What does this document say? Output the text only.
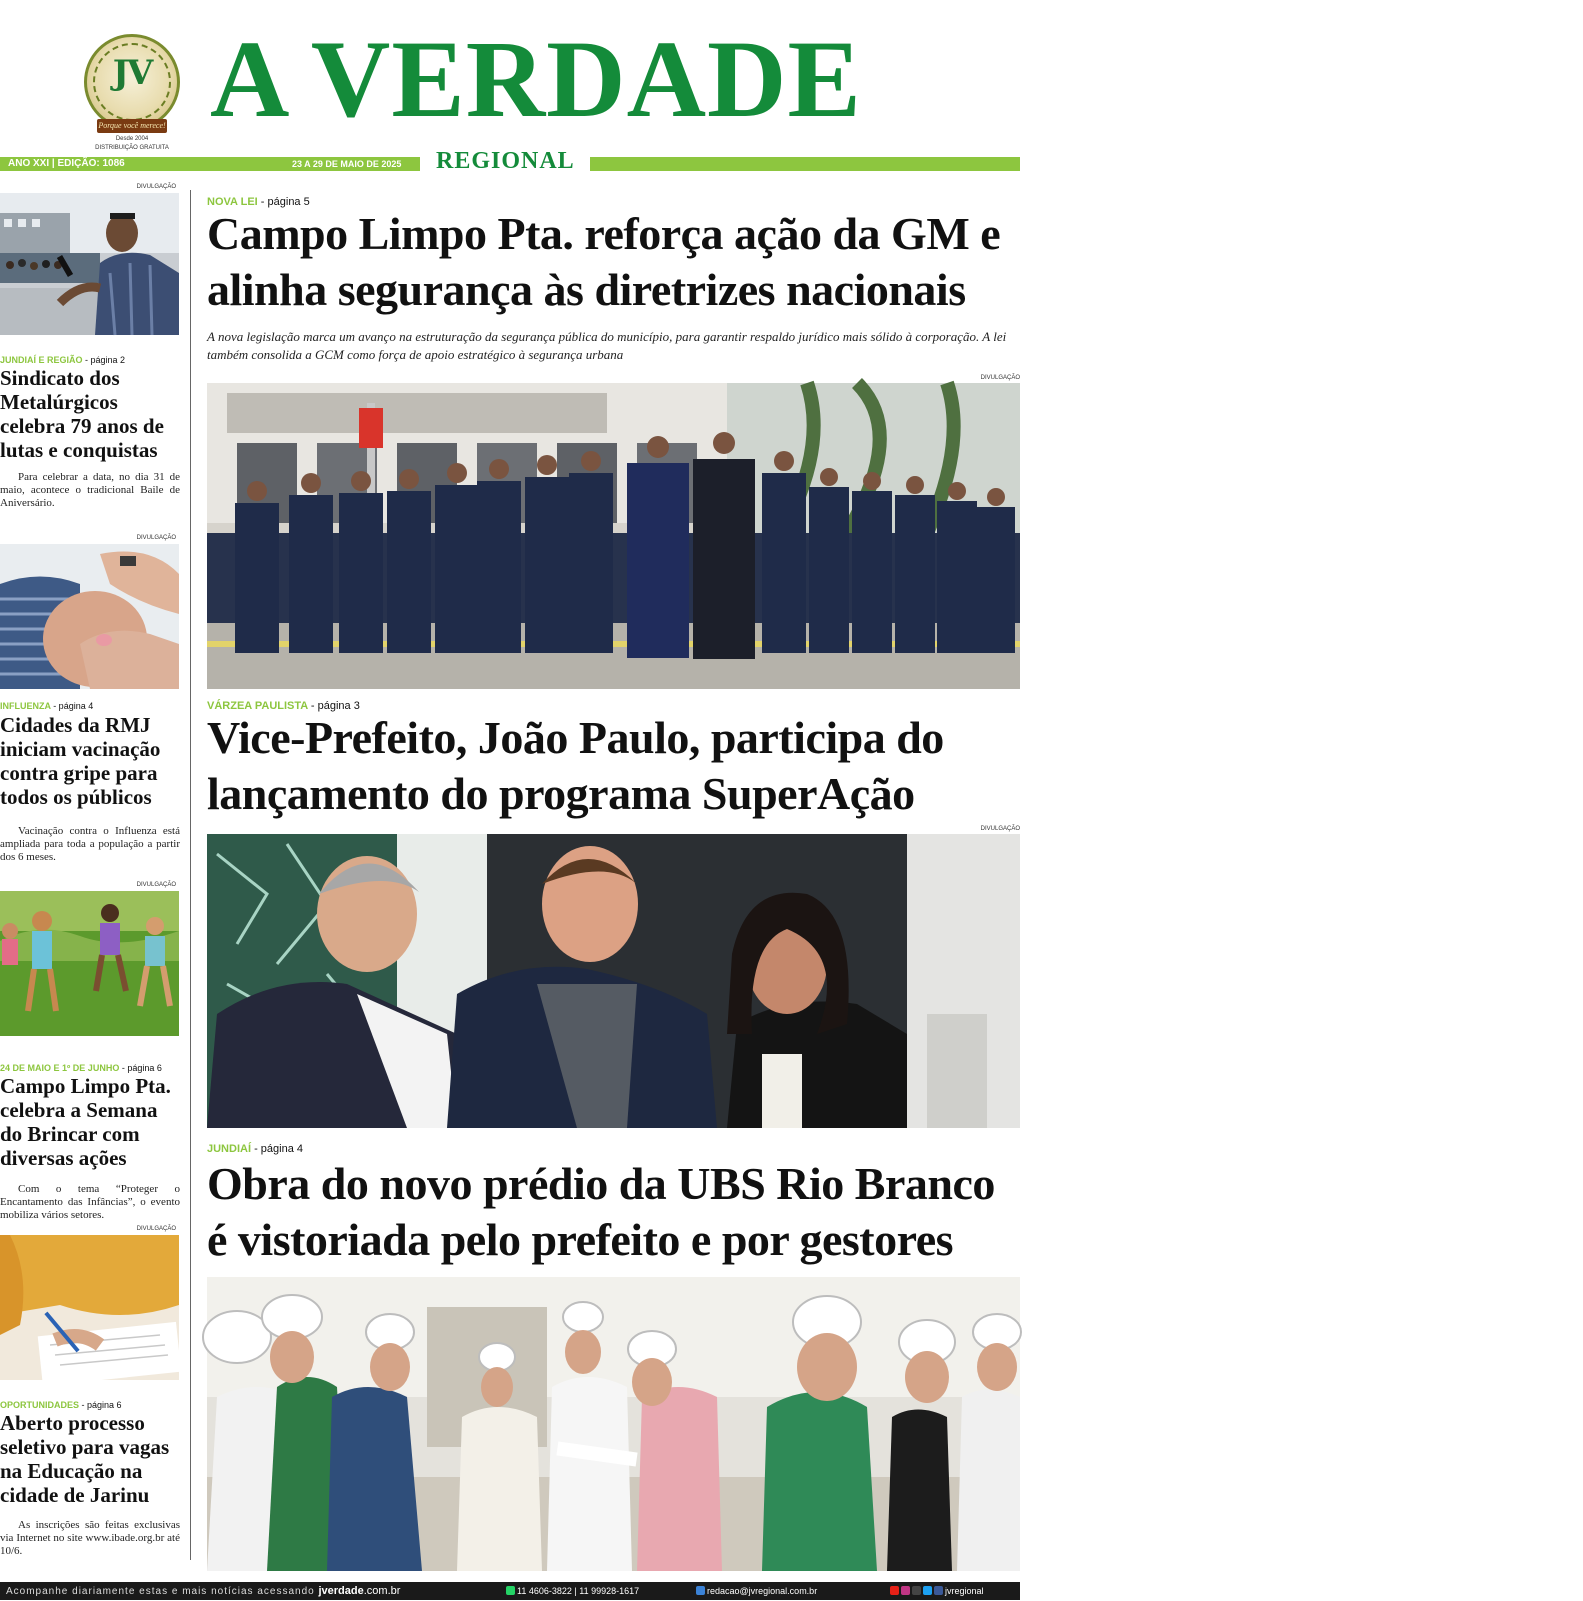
JV
Porque você merece!
Desde 2004
DISTRIBUIÇÃO GRATUITA
A VERDADE
ANO XXI | EDIÇÃO: 1086	23 A 29 DE MAIO DE 2025	CABREÚVA | CAMPO LIMPO PAULISTA | ITUPEVA | JARINU | JUNDIAÍ | LOUVEIRA | VÁRZEA PAULISTA
REGIONAL
DIVULGAÇÃO
JUNDIAÍ E REGIÃO - página 2
Sindicato dos Metalúrgicos celebra 79 anos de lutas e conquistas

Para celebrar a data, no dia 31 de maio, acontece o tradicional Baile de Aniversário.

DIVULGAÇÃO
INFLUENZA - página 4
Cidades da RMJ iniciam vacinação contra gripe para todos os públicos

Vacinação contra o Influenza está ampliada para toda a população a partir dos 6 meses.

DIVULGAÇÃO
24 DE MAIO E 1º DE JUNHO - página 6
Campo Limpo Pta. celebra a Semana do Brincar com diversas ações

Com o tema “Proteger o Encantamento das Infâncias”, o evento mobiliza vários setores.

DIVULGAÇÃO
OPORTUNIDADES - página 6
Aberto processo seletivo para vagas na Educação na cidade de Jarinu

As inscrições são feitas exclusivas via Internet no site www.ibade.org.br até 10/6.

NOVA LEI - página 5
Campo Limpo Pta. reforça ação da GM e alinha segurança às diretrizes nacionais

A nova legislação marca um avanço na estruturação da segurança pública do município, para garantir respaldo jurídico mais sólido à corporação. A lei também consolida a GCM como força de apoio estratégico à segurança urbana

DIVULGAÇÃO
VÁRZEA PAULISTA - página 3
Vice-Prefeito, João Paulo, participa do lançamento do programa SuperAção
DIVULGAÇÃO
JUNDIAÍ - página 4
Obra do novo prédio da UBS Rio Branco é vistoriada pelo prefeito e por gestores
Acompanhe diariamente estas e mais notícias acessando jverdade.com.br	11 4606-3822 | 11 99928-1617	redacao@jvregional.com.br	jvregional
